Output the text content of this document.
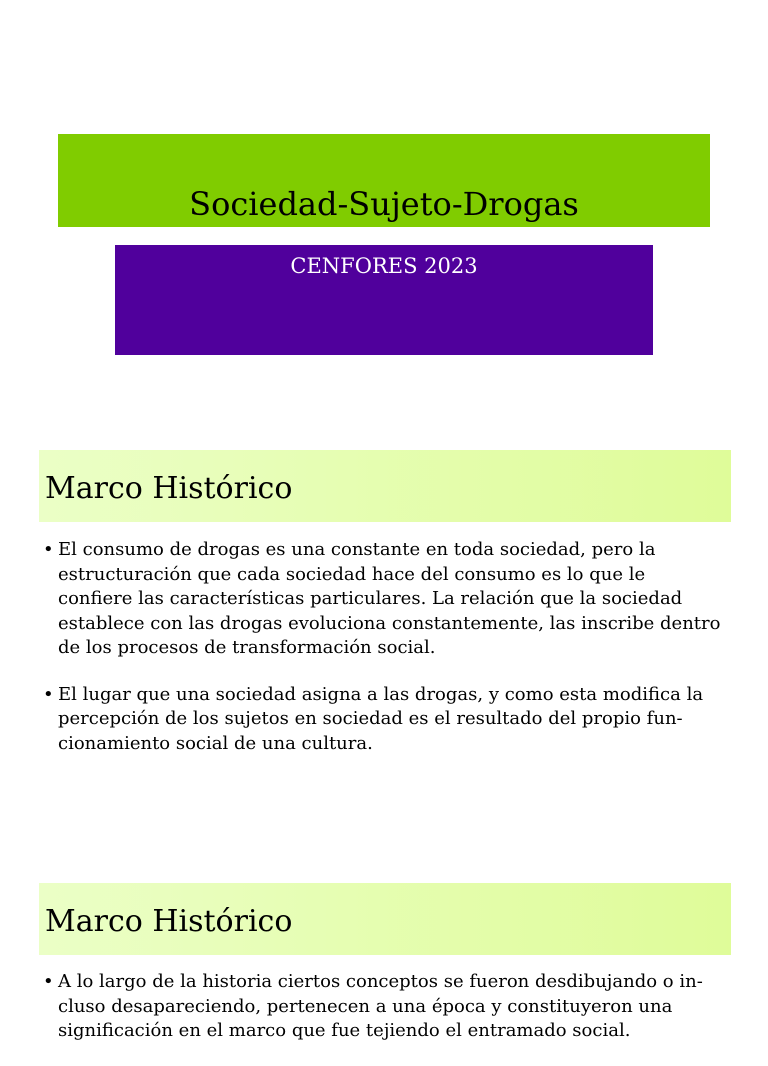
Sociedad-Sujeto-Drogas
CENFORES 2023
Marco Histórico
• El consumo de drogas es una constante en toda sociedad, pero la estructuración que cada sociedad hace del consumo es lo que le confiere las características particulares. La relación que la sociedad establece con las drogas evoluciona constantemente, las inscribe dentro de los procesos de transformación social.
• El lugar que una sociedad asigna a las drogas, y como esta modifica la percepción de los sujetos en sociedad es el resultado del propio funcionamiento social de una cultura.
Marco Histórico
• A lo largo de la historia ciertos conceptos se fueron desdibujando o incluso desapareciendo, pertenecen a una época y constituyeron una significación en el marco que fue tejiendo el entramado social.
